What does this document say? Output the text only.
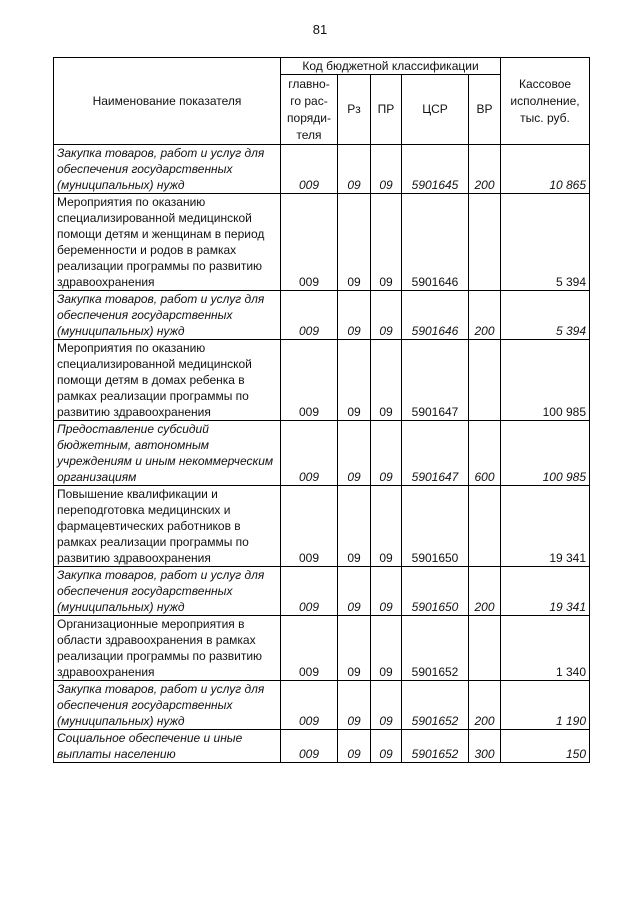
81
Наименование показателя	Код бюджетной классификации					Кассовое исполнение, тыс. руб.
	главно-го рас-поряди-теля	Рз	ПР	ЦСР	ВР	
Закупка товаров, работ и услуг для обеспечения государственных (муниципальных) нужд	009	09	09	5901645	200	10 865
Мероприятия по оказанию специализированной медицинской помощи детям и женщинам в период беременности и родов в рамках реализации программы по развитию здравоохранения	009	09	09	5901646		5 394
Закупка товаров, работ и услуг для обеспечения государственных (муниципальных) нужд	009	09	09	5901646	200	5 394
Мероприятия по оказанию специализированной медицинской помощи детям в домах ребенка в рамках реализации программы по развитию здравоохранения	009	09	09	5901647		100 985
Предоставление субсидий бюджетным, автономным учреждениям и иным некоммерческим организациям	009	09	09	5901647	600	100 985
Повышение квалификации и переподготовка медицинских и фармацевтических работников в рамках реализации программы по развитию здравоохранения	009	09	09	5901650		19 341
Закупка товаров, работ и услуг для обеспечения государственных (муниципальных) нужд	009	09	09	5901650	200	19 341
Организационные мероприятия в области здравоохранения в рамках реализации программы по развитию здравоохранения	009	09	09	5901652		1 340
Закупка товаров, работ и услуг для обеспечения государственных (муниципальных) нужд	009	09	09	5901652	200	1 190
Социальное обеспечение и иные выплаты населению	009	09	09	5901652	300	150
